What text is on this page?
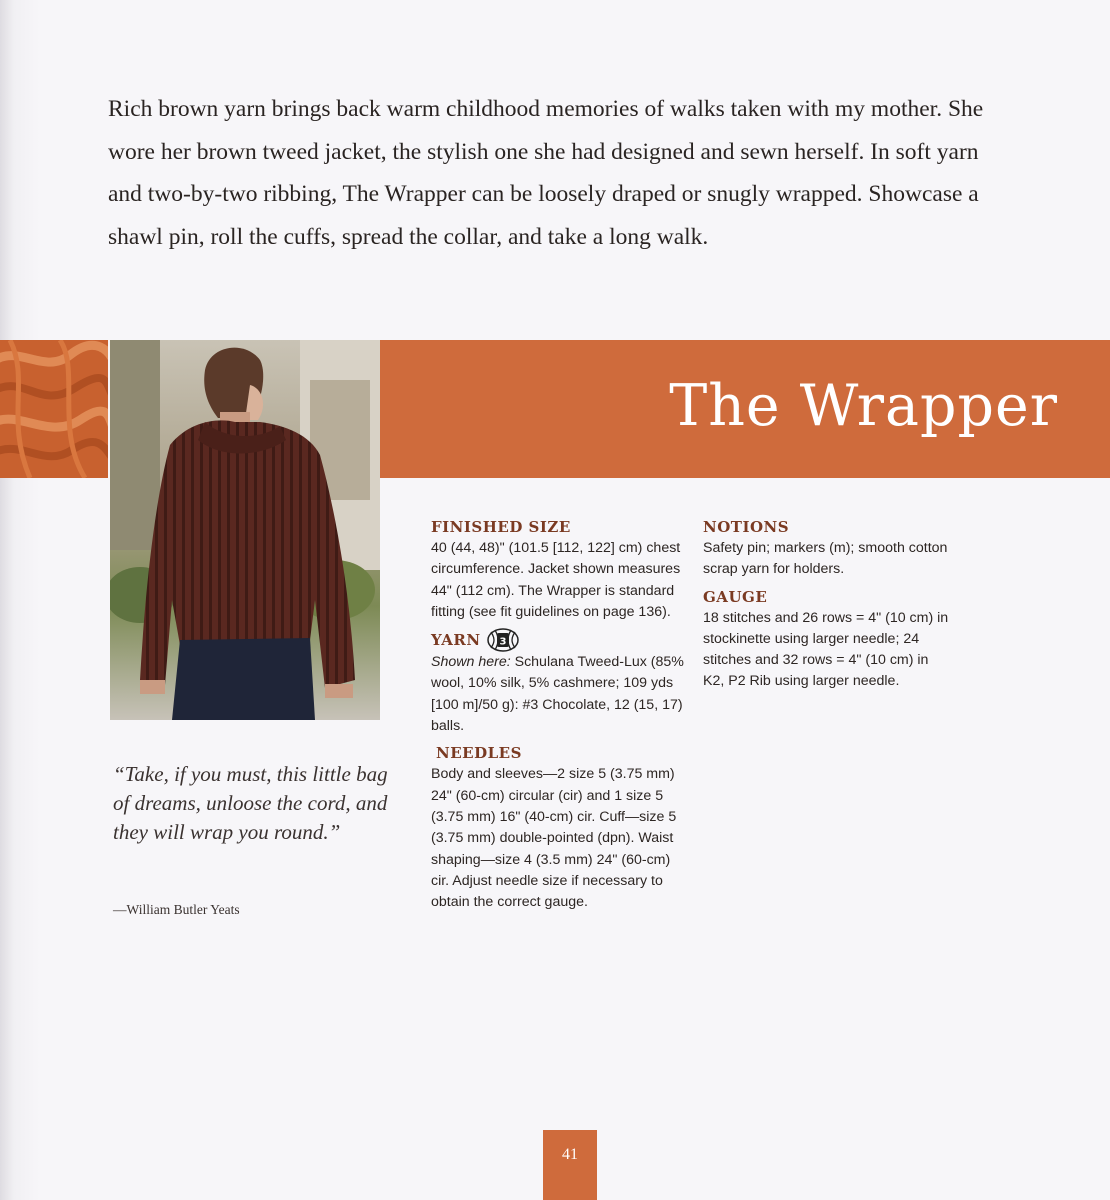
Rich brown yarn brings back warm childhood memories of walks taken with my mother. She wore her brown tweed jacket, the stylish one she had designed and sewn herself. In soft yarn and two-by-two ribbing, The Wrapper can be loosely draped or snugly wrapped. Showcase a shawl pin, roll the cuffs, spread the collar, and take a long walk.

The Wrapper

“Take, if you must, this little bag of dreams, unloose the cord, and they will wrap you round.”

—William Butler Yeats
FINISHED SIZE

40 (44, 48)" (101.5 [112, 122] cm) chest circumference. Jacket shown measures 44" (112 cm). The Wrapper is standard fitting (see fit guidelines on page 136).

YARN 3

Shown here: Schulana Tweed-Lux (85% wool, 10% silk, 5% cashmere; 109 yds [100 m]/50 g): #3 Chocolate, 12 (15, 17) balls.

NEEDLES

Body and sleeves—2 size 5 (3.75 mm) 24" (60-cm) circular (cir) and 1 size 5 (3.75 mm) 16" (40-cm) cir. Cuff—size 5 (3.75 mm) double-pointed (dpn). Waist shaping—size 4 (3.5 mm) 24" (60-cm) cir. Adjust needle size if necessary to obtain the correct gauge.

NOTIONS

Safety pin; markers (m); smooth cotton scrap yarn for holders.

GAUGE

18 stitches and 26 rows = 4" (10 cm) in stockinette using larger needle; 24 stitches and 32 rows = 4" (10 cm) in K2, P2 Rib using larger needle.

41
